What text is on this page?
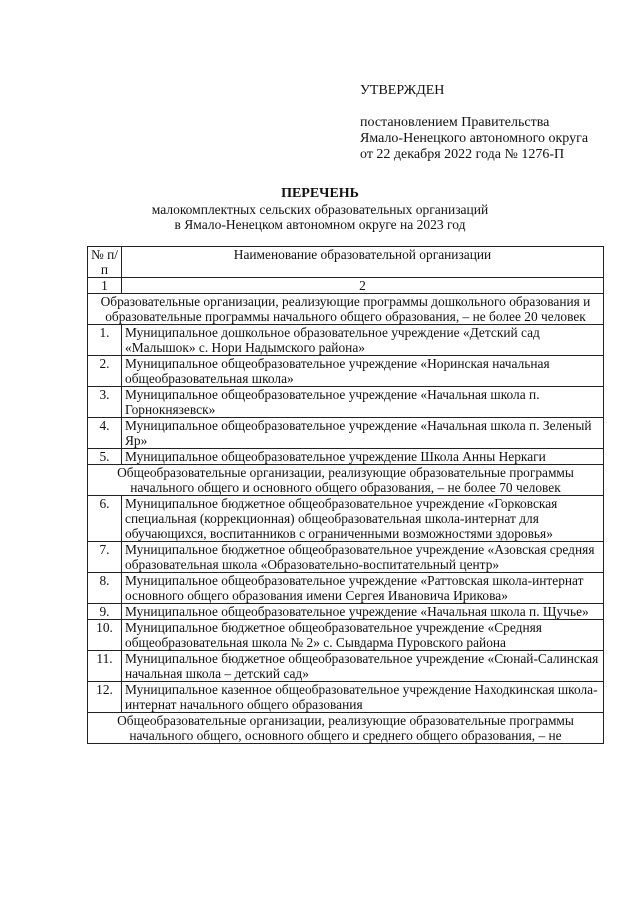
УТВЕРЖДЕН
постановлением Правительства
Ямало-Ненецкого автономного округа
от 22 декабря 2022 года № 1276-П
ПЕРЕЧЕНЬ
малокомплектных сельских образовательных организаций
в Ямало-Ненецком автономном округе на 2023 год
№ п/п	Наименование образовательной организации
1	2
Образовательные организации, реализующие программы дошкольного образования и образовательные программы начального общего образования, – не более 20 человек	
1.	Муниципальное дошкольное образовательное учреждение «Детский сад «Малышок» с. Нори Надымского района»
2.	Муниципальное общеобразовательное учреждение «Норинская начальная общеобразовательная школа»
3.	Муниципальное общеобразовательное учреждение «Начальная школа п. Горнокнязевск»
4.	Муниципальное общеобразовательное учреждение «Начальная школа п. Зеленый Яр»
5.	Муниципальное общеобразовательное учреждение Школа Анны Неркаги
Общеобразовательные организации, реализующие образовательные программы начального общего и основного общего образования, – не более 70 человек	
6.	Муниципальное бюджетное общеобразовательное учреждение «Горковская специальная (коррекционная) общеобразовательная школа-интернат для обучающихся, воспитанников с ограниченными возможностями здоровья»
7.	Муниципальное бюджетное общеобразовательное учреждение «Азовская средняя образовательная школа «Образовательно-воспитательный центр»
8.	Муниципальное общеобразовательное учреждение «Раттовская школа-интернат основного общего образования имени Сергея Ивановича Ирикова»
9.	Муниципальное общеобразовательное учреждение «Начальная школа п. Щучье»
10.	Муниципальное бюджетное общеобразовательное учреждение «Средняя общеобразовательная школа № 2» с. Сывдарма Пуровского района
11.	Муниципальное бюджетное общеобразовательное учреждение «Сюнай-Салинская начальная школа – детский сад»
12.	Муниципальное казенное общеобразовательное учреждение Находкинская школа-интернат начального общего образования
Общеобразовательные организации, реализующие образовательные программы начального общего, основного общего и среднего общего образования, – не	
